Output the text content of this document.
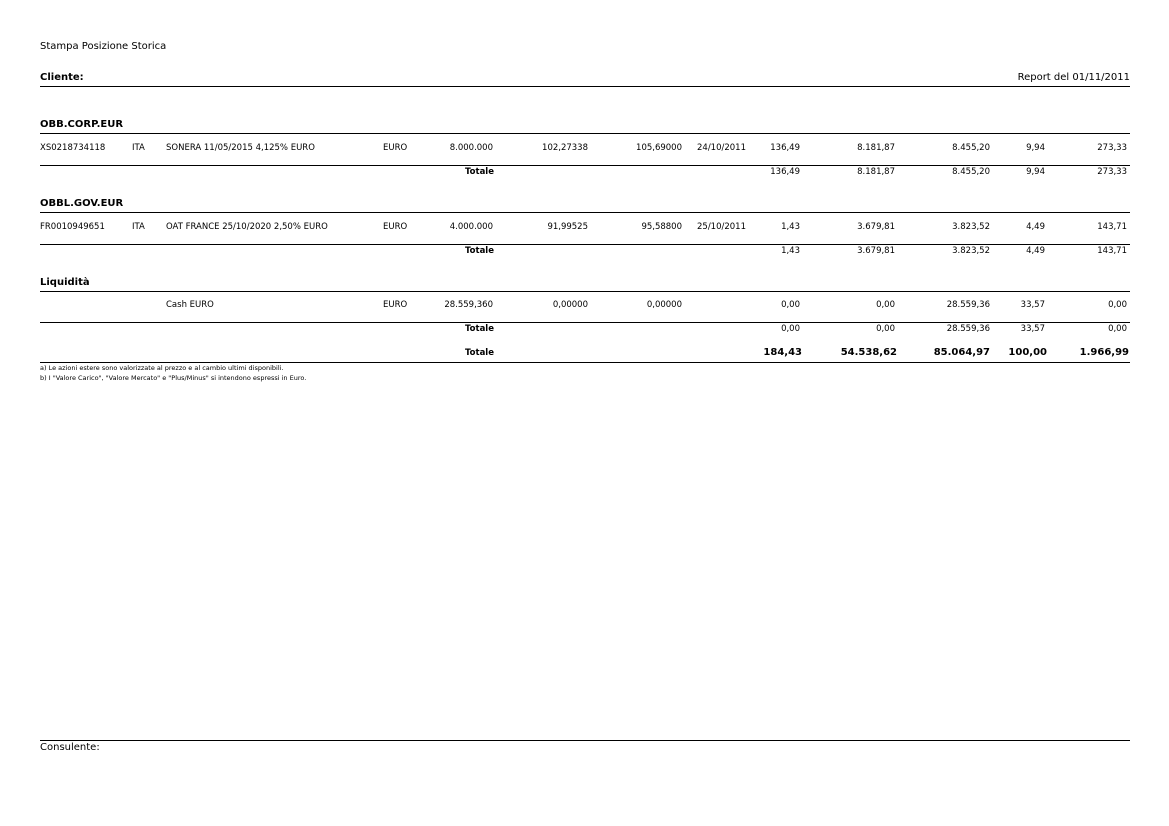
Stampa Posizione Storica
Cliente:	Report del 01/11/2011
OBB.CORP.EUR
XS0218734118	ITA SONERA 11/05/2015 4,125% EURO	EURO	8.000.000	102,27338	105,69000 24/10/2011	136,49	8.181,87	8.455,20	9,94	273,33
Totale	136,49	8.181,87	8.455,20	9,94	273,33
OBBL.GOV.EUR
FR0010949651	ITA OAT FRANCE 25/10/2020 2,50% EURO	EURO	4.000.000	91,99525	95,58800 25/10/2011	1,43	3.679,81	3.823,52	4,49	143,71
Totale	1,43	3.679,81	3.823,52	4,49	143,71
Liquidità
Cash EURO	EURO	28.559,360	0,00000	0,00000	0,00	0,00	28.559,36	33,57	0,00
Totale	0,00	0,00	28.559,36	33,57	0,00
Totale	184,43	54.538,62	85.064,97 100,00	1.966,99
a) Le azioni estere sono valorizzate al prezzo e al cambio ultimi disponibili.
b) I "Valore Carico", "Valore Mercato" e "Plus/Minus" si intendono espressi in Euro.
Consulente:
